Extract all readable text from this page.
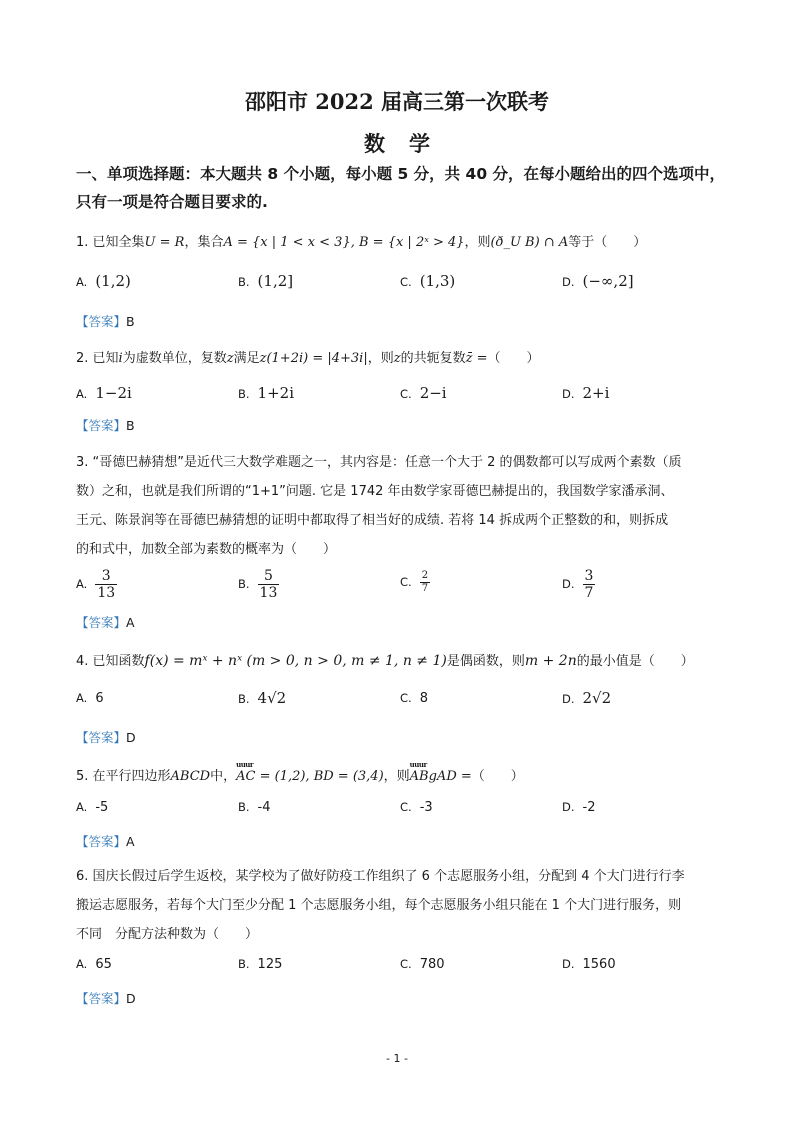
邵阳市 2022 届高三第一次联考
数学
一、单项选择题：本大题共 8 个小题，每小题 5 分，共 40 分，在每小题给出的四个选项中，只有一项是符合题目要求的.
1. 已知全集U = R，集合A = {x | 1 < x < 3}, B = {x | 2ˣ > 4}，则(ð_U B) ∩ A等于（　　）
A. (1,2)	B. (1,2]	C. (1,3)	D. (−∞,2]
【答案】B
2. 已知i为虚数单位，复数z满足z(1+2i) = |4+3i|，则z的共轭复数z̄ =（　　）
A. 1−2i	B. 1+2i	C. 2−i	D. 2+i
【答案】B
3. “哥德巴赫猜想”是近代三大数学难题之一，其内容是：任意一个大于 2 的偶数都可以写成两个素数（质
数）之和，也就是我们所谓的“1+1”问题. 它是 1742 年由数学家哥德巴赫提出的，我国数学家潘承洞、
王元、陈景润等在哥德巴赫猜想的证明中都取得了相当好的成绩. 若将 14 拆成两个正整数的和，则拆成
的和式中，加数全部为素数的概率为（　　）
A. $\frac{3}{13}$	B. $\frac{5}{13}$	C. $\frac{2}{7}$	D. $\frac{3}{7}$
【答案】A
4. 已知函数f(x) = mˣ + nˣ (m > 0, n > 0, m ≠ 1, n ≠ 1)是偶函数，则m + 2n的最小值是（　　）
A. 6	B. 4√2	C. 8	D. 2√2
【答案】D
5. 在平行四边形ABCD中，uuur AC = (1,2), BD = (3,4)，则uuur ABgAD =（　　）
A. -5	B. -4	C. -3	D. -2
【答案】A
6. 国庆长假过后学生返校，某学校为了做好防疫工作组织了 6 个志愿服务小组，分配到 4 个大门进行行李
搬运志愿服务，若每个大门至少分配 1 个志愿服务小组，每个志愿服务小组只能在 1 个大门进行服务，则
不同　分配方法种数为（　　）
A. 65	B. 125	C. 780	D. 1560
【答案】D
- 1 -
